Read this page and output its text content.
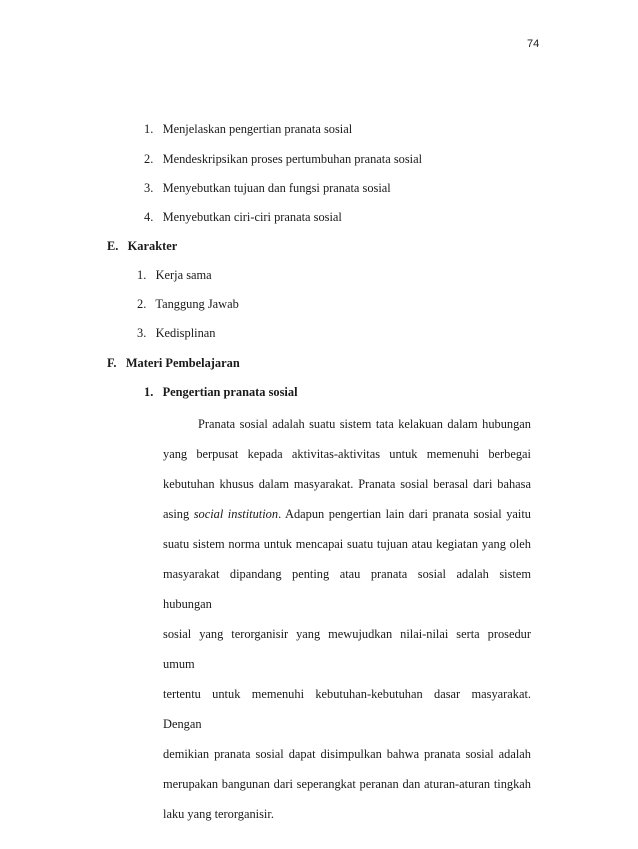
74
1. Menjelaskan pengertian pranata sosial
2. Mendeskripsikan proses pertumbuhan pranata sosial
3. Menyebutkan tujuan dan fungsi pranata sosial
4. Menyebutkan ciri-ciri pranata sosial
E. Karakter
1. Kerja sama
2. Tanggung Jawab
3. Kedisplinan
F. Materi Pembelajaran
1. Pengertian pranata sosial
Pranata sosial adalah suatu sistem tata kelakuan dalam hubungan
yang berpusat kepada aktivitas-aktivitas untuk memenuhi berbegai
kebutuhan khusus dalam masyarakat. Pranata sosial berasal dari bahasa
asing social institution. Adapun pengertian lain dari pranata sosial yaitu
suatu sistem norma untuk mencapai suatu tujuan atau kegiatan yang oleh
masyarakat dipandang penting atau pranata sosial adalah sistem hubungan
sosial yang terorganisir yang mewujudkan nilai-nilai serta prosedur umum
tertentu untuk memenuhi kebutuhan-kebutuhan dasar masyarakat. Dengan
demikian pranata sosial dapat disimpulkan bahwa pranata sosial adalah
merupakan bangunan dari seperangkat peranan dan aturan-aturan tingkah
laku yang terorganisir.
